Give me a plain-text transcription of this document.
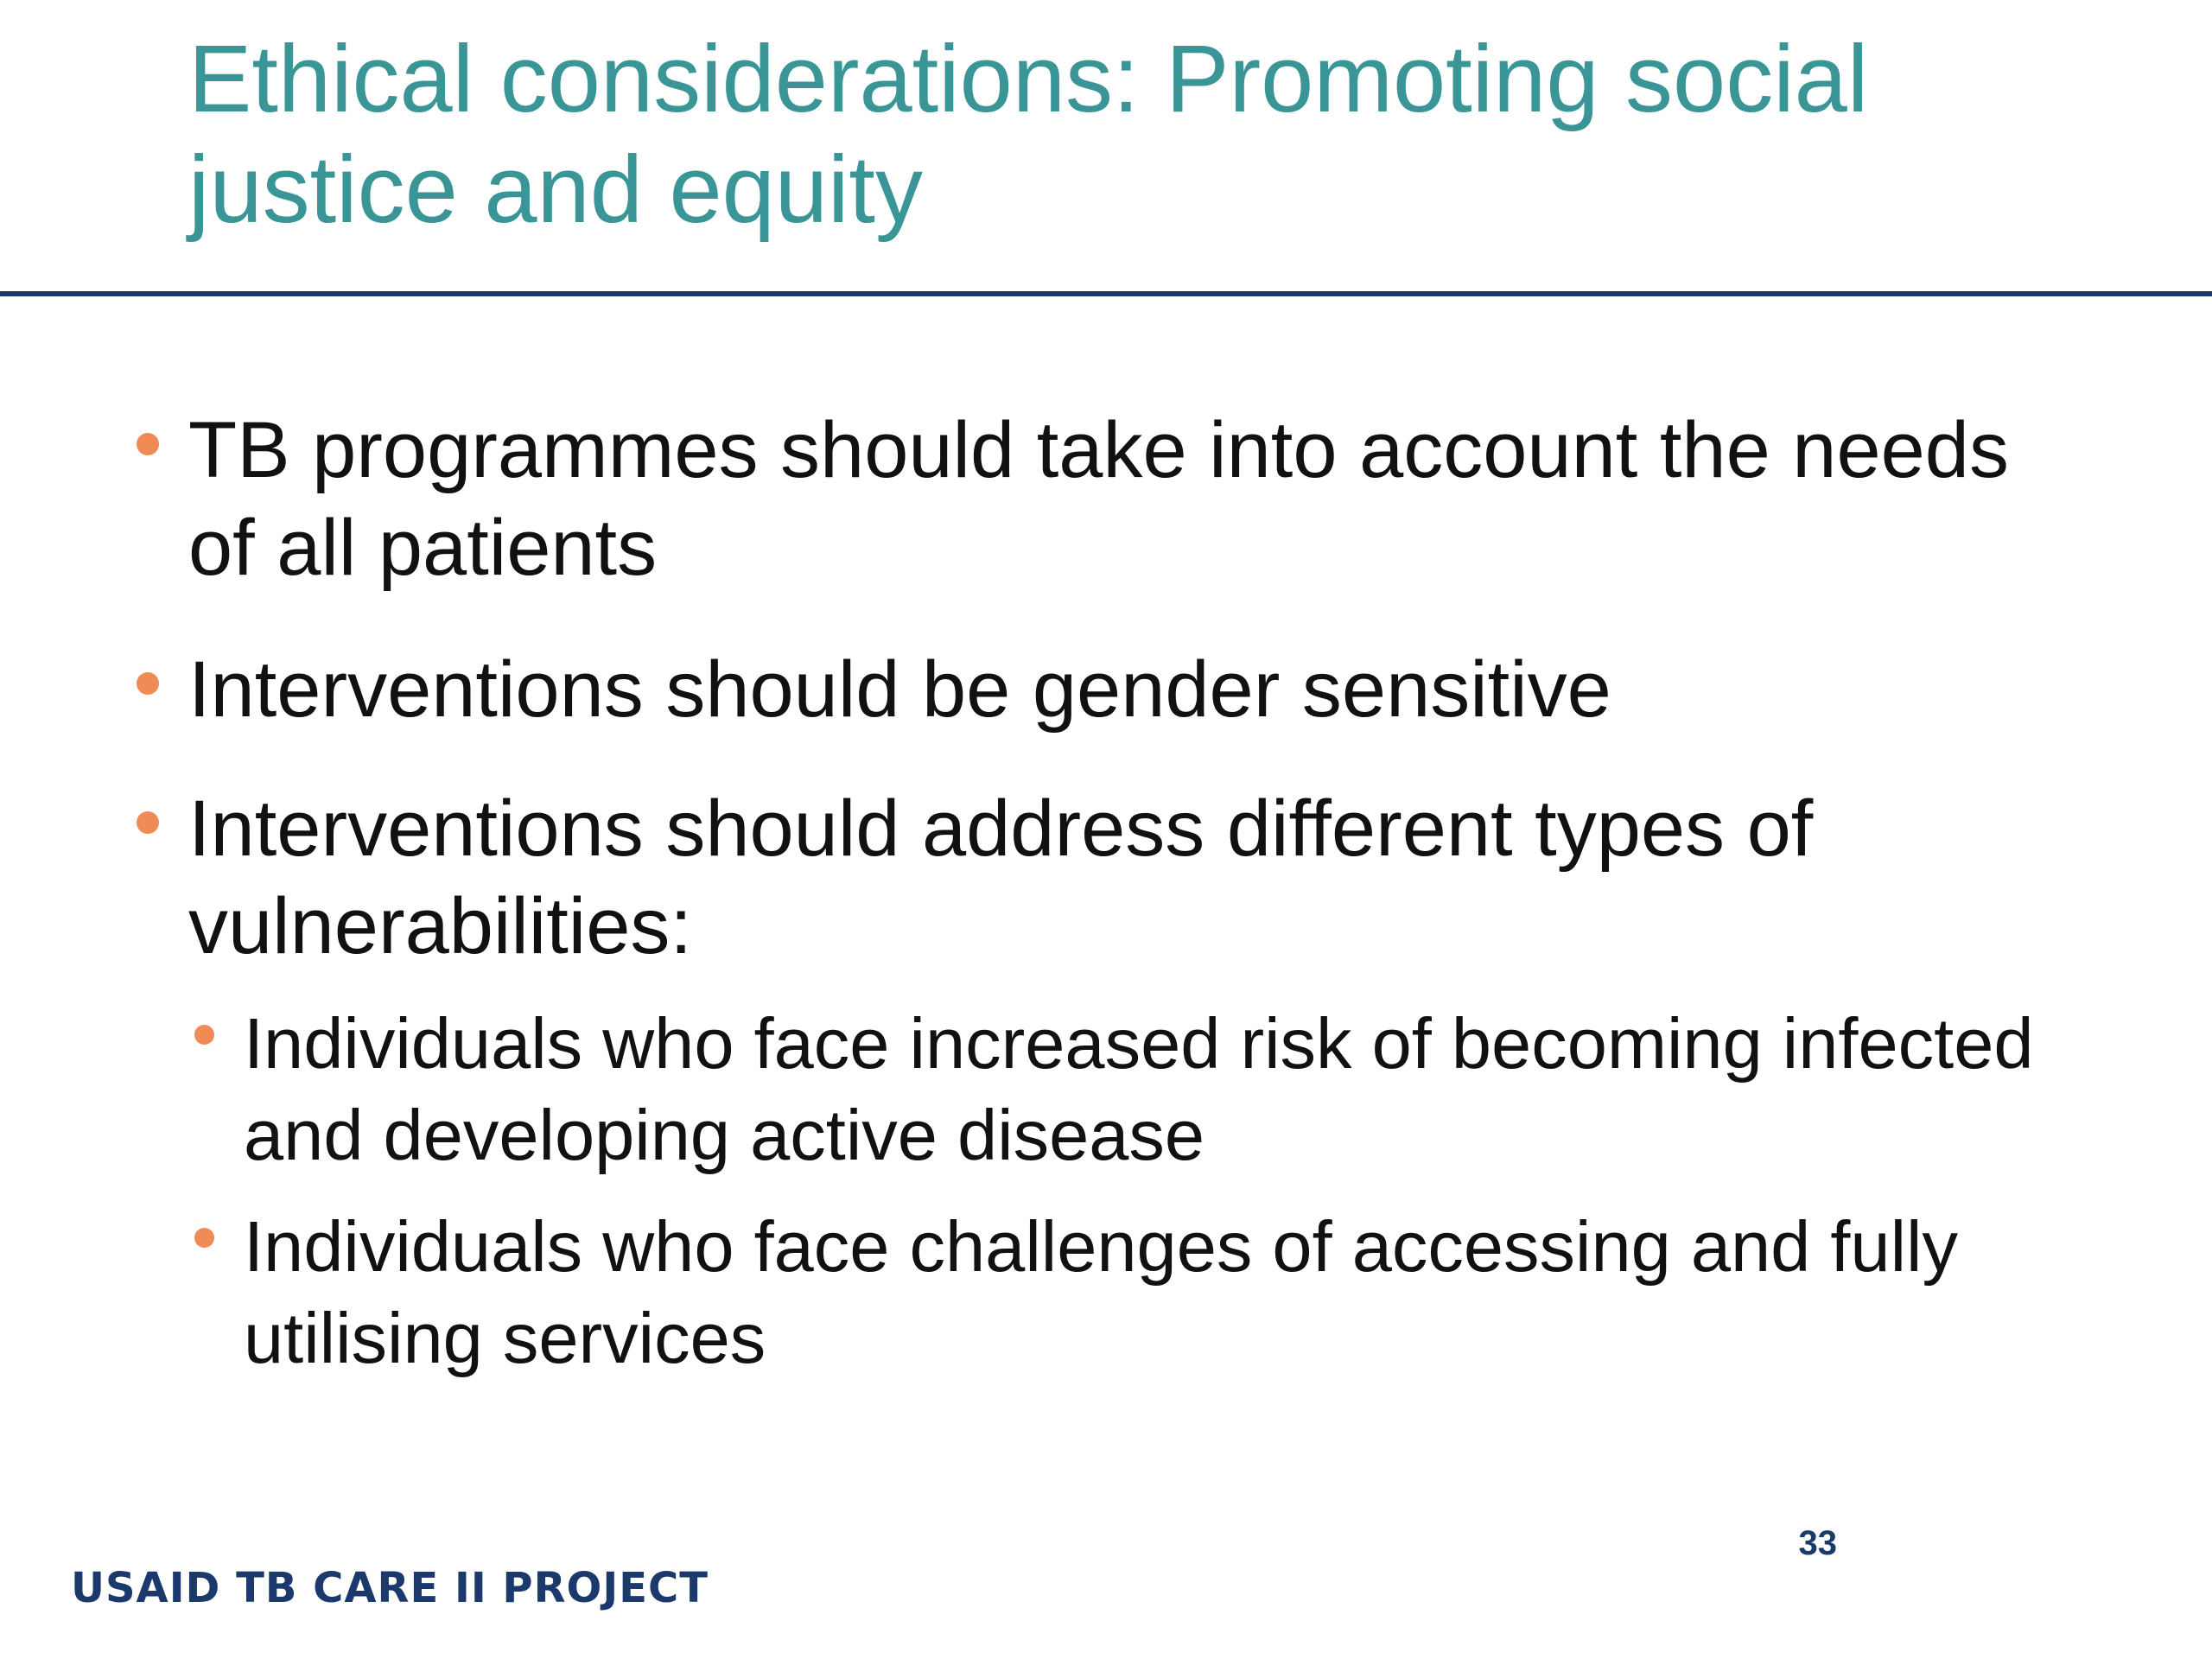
Ethical considerations: Promoting social justice and equity
TB programmes should take into account the needs of all patients
Interventions should be gender sensitive
Interventions should address different types of vulnerabilities:
Individuals who face increased risk of becoming infected and developing active disease
Individuals who face challenges of accessing and fully utilising services
33
USAID TB CARE II PROJECT
